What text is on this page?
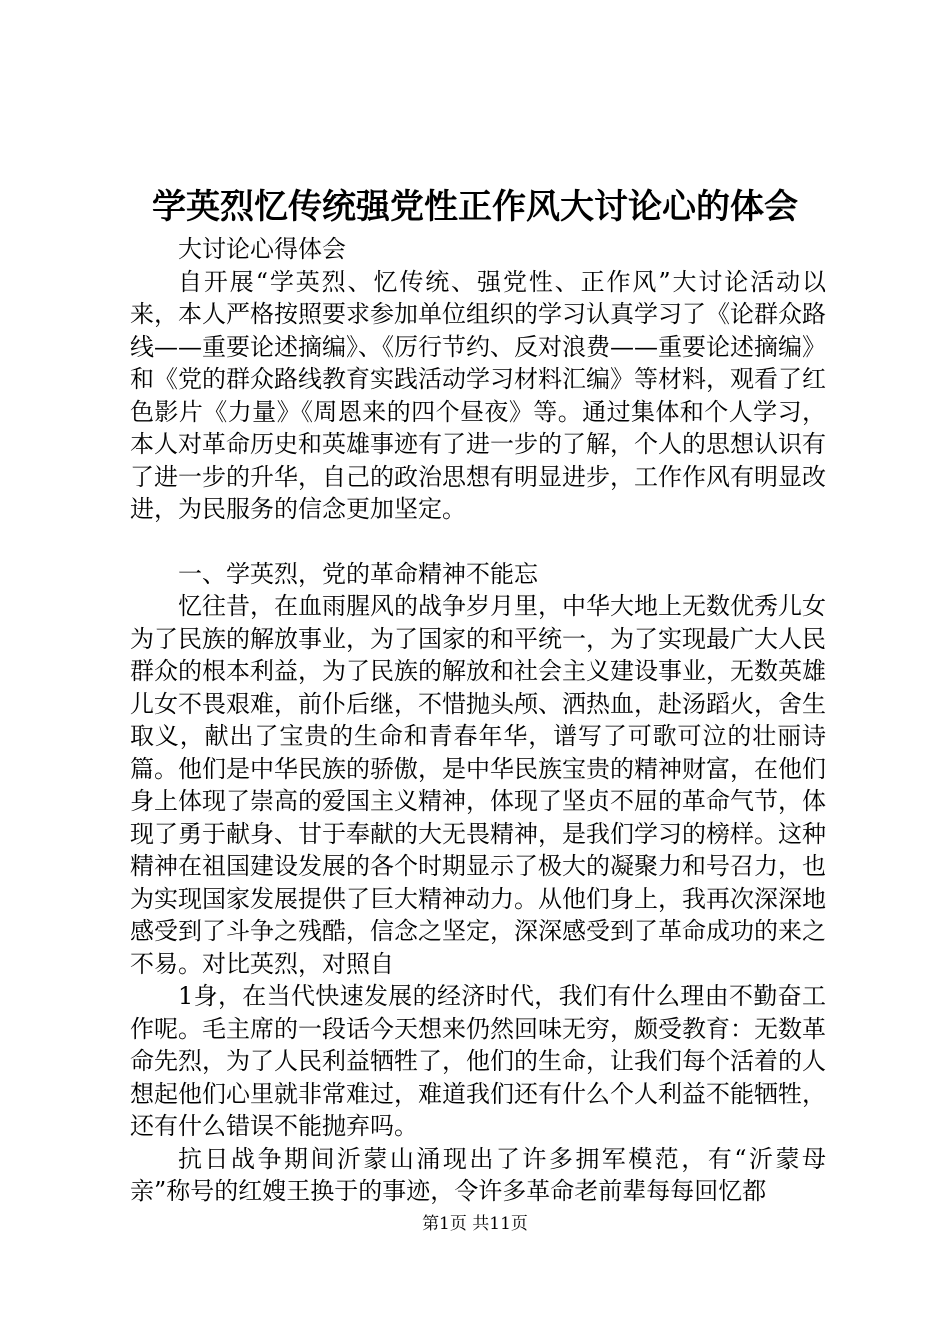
学英烈忆传统强党性正作风大讨论心的体会

大讨论心得体会

自开展“学英烈、忆传统、强党性、正作风”大讨论活动以来，本人严格按照要求参加单位组织的学习认真学习了《论群众路线——重要论述摘编》、《厉行节约、反对浪费——重要论述摘编》和《党的群众路线教育实践活动学习材料汇编》等材料，观看了红色影片《力量》《周恩来的四个昼夜》等。通过集体和个人学习，本人对革命历史和英雄事迹有了进一步的了解，个人的思想认识有了进一步的升华，自己的政治思想有明显进步，工作作风有明显改进，为民服务的信念更加坚定。

一、学英烈，党的革命精神不能忘

忆往昔，在血雨腥风的战争岁月里，中华大地上无数优秀儿女为了民族的解放事业，为了国家的和平统一，为了实现最广大人民群众的根本利益，为了民族的解放和社会主义建设事业，无数英雄儿女不畏艰难，前仆后继，不惜抛头颅、洒热血，赴汤蹈火，舍生取义，献出了宝贵的生命和青春年华，谱写了可歌可泣的壮丽诗篇。他们是中华民族的骄傲，是中华民族宝贵的精神财富，在他们身上体现了崇高的爱国主义精神，体现了坚贞不屈的革命气节，体现了勇于献身、甘于奉献的大无畏精神，是我们学习的榜样。这种精神在祖国建设发展的各个时期显示了极大的凝聚力和号召力，也为实现国家发展提供了巨大精神动力。从他们身上，我再次深深地感受到了斗争之残酷，信念之坚定，深深感受到了革命成功的来之不易。对比英烈，对照自

1身，在当代快速发展的经济时代，我们有什么理由不勤奋工作呢。毛主席的一段话今天想来仍然回味无穷，颇受教育：无数革命先烈，为了人民利益牺牲了，他们的生命，让我们每个活着的人想起他们心里就非常难过，难道我们还有什么个人利益不能牺牲，还有什么错误不能抛弃吗。

抗日战争期间沂蒙山涌现出了许多拥军模范，有“沂蒙母亲”称号的红嫂王换于的事迹，令许多革命老前辈每每回忆都

第1页 共11页
